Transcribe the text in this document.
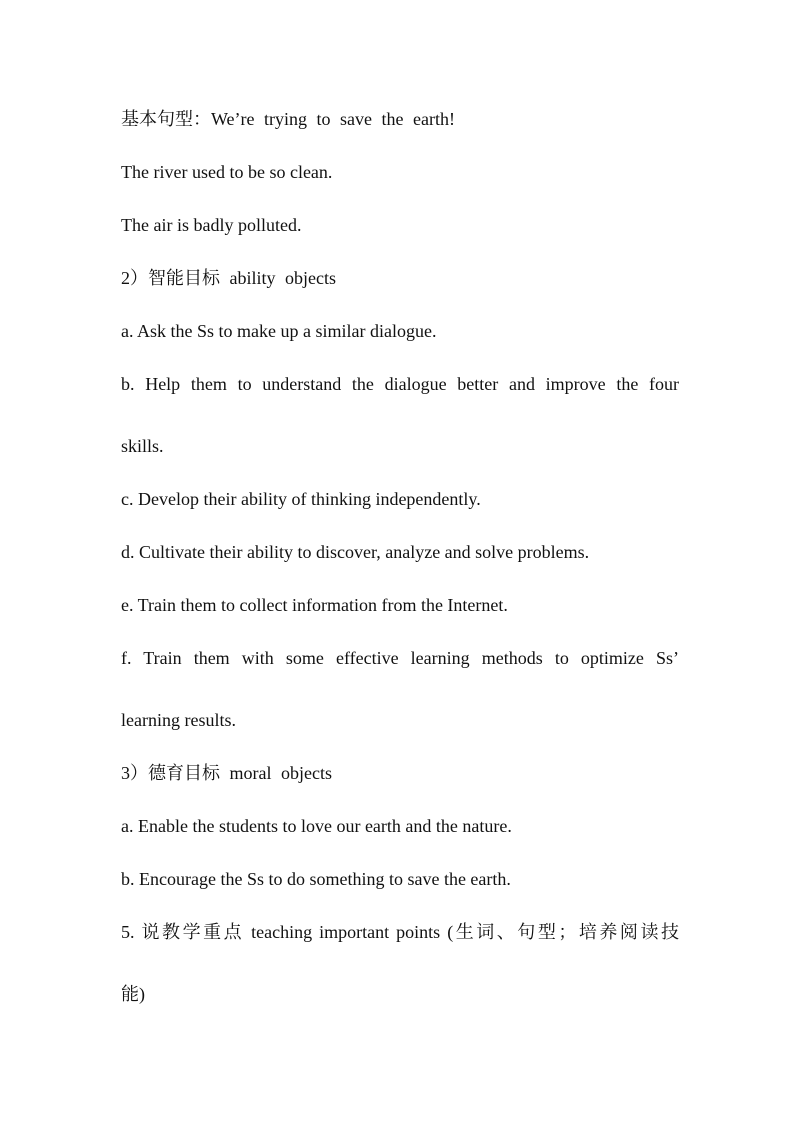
基本句型：We’re trying to save the earth!

The river used to be so clean.

The air is badly polluted.

2）智能目标 ability objects

a. Ask the Ss to make up a similar dialogue.

b. Help them to understand the dialogue better and improve the four

skills.

c. Develop their ability of thinking independently.

d. Cultivate their ability to discover, analyze and solve problems.

e. Train them to collect information from the Internet.

f. Train them with some effective learning methods to optimize Ss’

learning results.

3）德育目标 moral objects

a. Enable the students to love our earth and the nature.

b. Encourage the Ss to do something to save the earth.

5. 说教学重点 teaching important points (生词、句型；培养阅读技

能)
